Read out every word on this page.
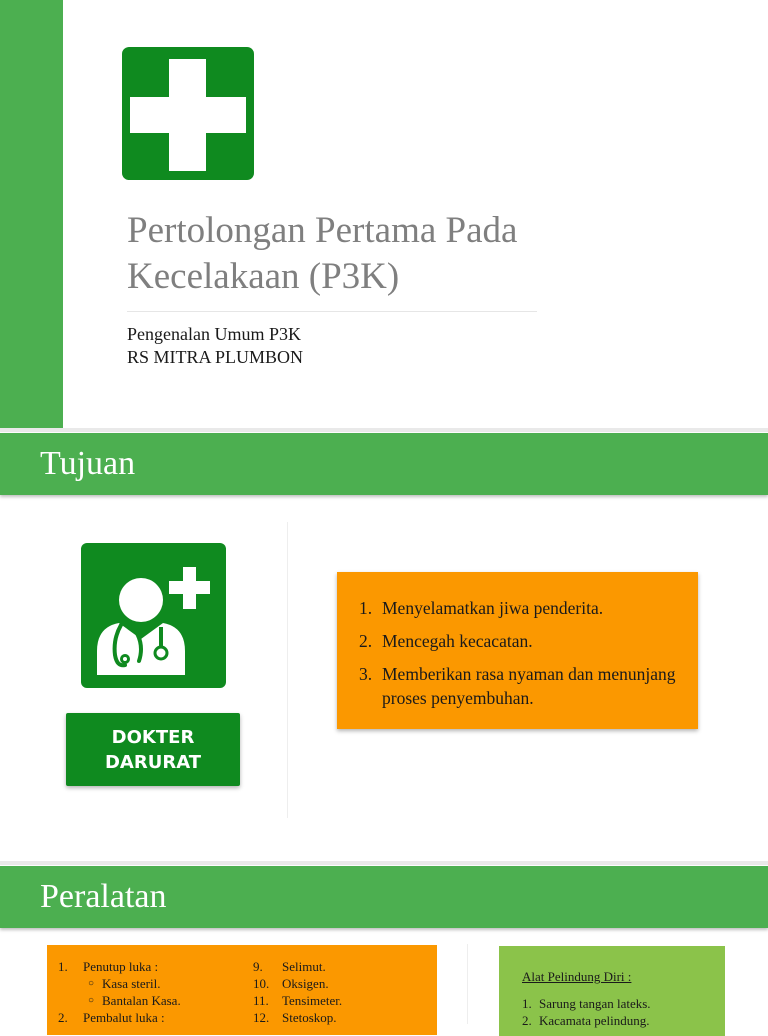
Pertolongan Pertama Pada
Kecelakaan (P3K)
Pengenalan Umum P3K
RS MITRA PLUMBON
Tujuan
DOKTER
DARURAT
1. Menyelamatkan jiwa penderita.
2. Mencegah kecacatan.
3. Memberikan rasa nyaman dan menunjang proses penyembuhan.
Peralatan
1. Penutup luka :
○ Kasa steril.
○ Bantalan Kasa.
2. Pembalut luka :
9. Selimut.
10. Oksigen.
11. Tensimeter.
12. Stetoskop.
Alat Pelindung Diri :
1. Sarung tangan lateks.
2. Kacamata pelindung.
